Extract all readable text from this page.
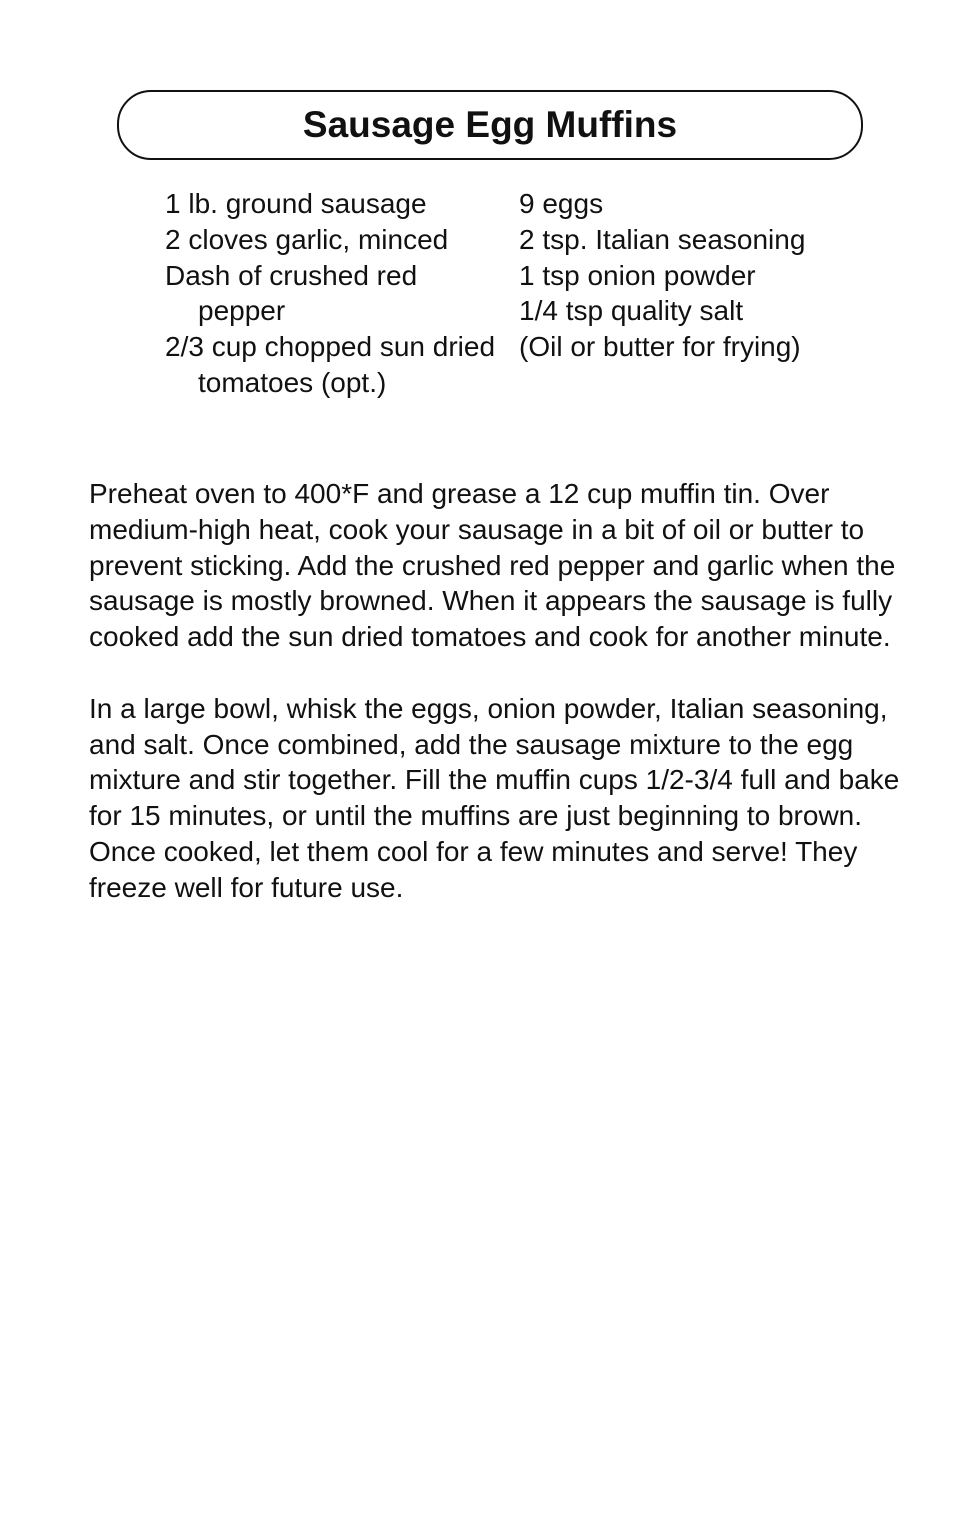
Sausage Egg Muffins
1 lb. ground sausage
2 cloves garlic, minced
Dash of crushed red pepper
2/3 cup chopped sun dried tomatoes (opt.)
9 eggs
2 tsp. Italian seasoning
1 tsp onion powder
1/4 tsp quality salt
(Oil or butter for frying)

Preheat oven to 400*F and grease a 12 cup muffin tin. Over medium-high heat, cook your sausage in a bit of oil or butter to prevent sticking. Add the crushed red pepper and garlic when the sausage is mostly browned. When it appears the sausage is fully cooked add the sun dried tomatoes and cook for another minute.

In a large bowl, whisk the eggs, onion powder, Italian seasoning, and salt. Once combined, add the sausage mixture to the egg mixture and stir together. Fill the muffin cups 1/2-3/4 full and bake for 15 minutes, or until the muffins are just beginning to brown. Once cooked, let them cool for a few minutes and serve! They freeze well for future use.
